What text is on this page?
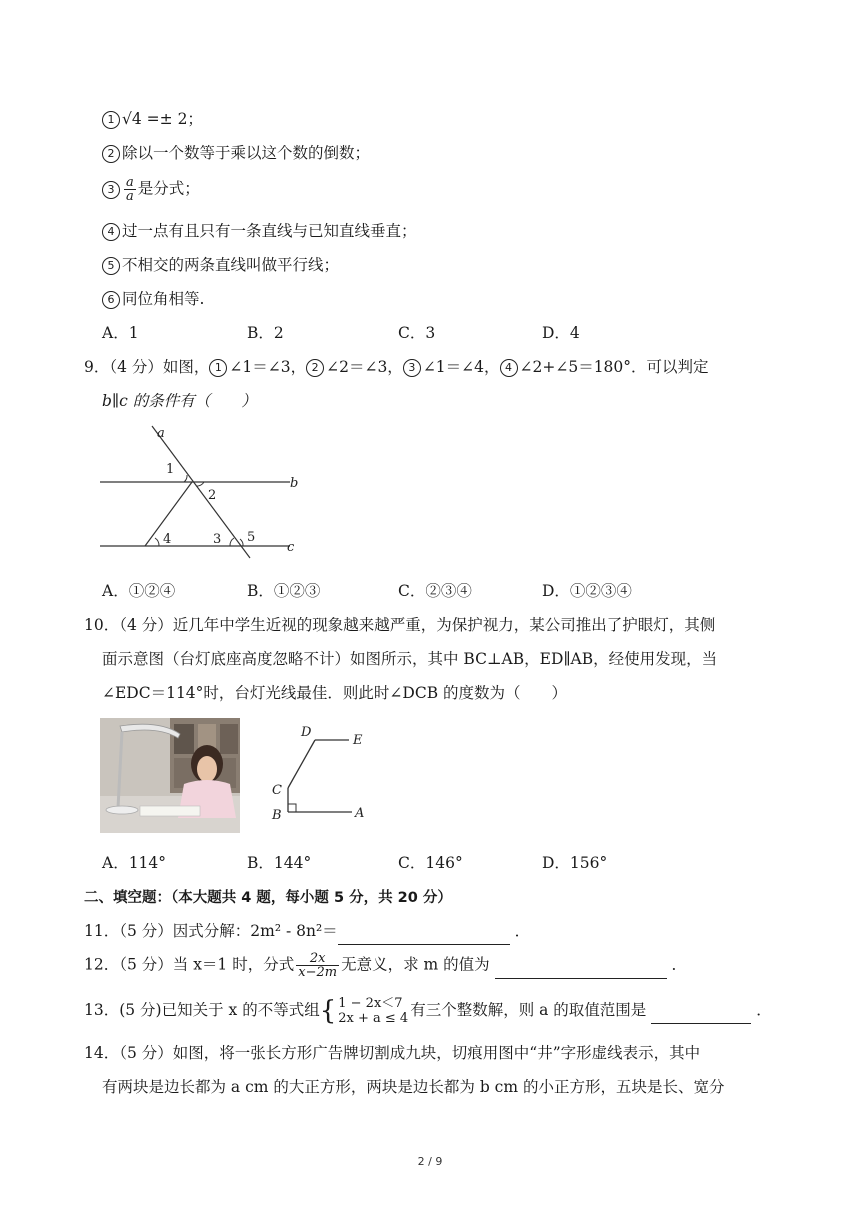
1 √4 =± 2；
2 除以一个数等于乘以这个数的倒数；
$3 \frac{a}{a}$ 是分式；
4 过一点有且只有一条直线与已知直线垂直；
5 不相交的两条直线叫做平行线；
6 同位角相等.
A．1	B．2	C．3	D．4
9．（4 分）如图， 1 ∠1＝∠3， 2 ∠2＝∠3， 3 ∠1＝∠4， 4 ∠2+∠5＝180°．可以判定
b∥c 的条件有（　　）
a
b
c
1
2
4	3 5
A．①②④	B．①②③	C．②③④	D．①②③④
10．（4 分）近几年中学生近视的现象越来越严重，为保护视力，某公司推出了护眼灯，其侧
面示意图（台灯底座高度忽略不计）如图所示，其中 BC⊥AB，ED∥AB，经使用发现，当
∠EDC＝114°时，台灯光线最佳．则此时∠DCB 的度数为（　　）
D
E
C
B	A
A．114°	B．144°	C．146°	D．156°
二、填空题：（本大题共 4 题，每小题 5 分，共 20 分）
11．（5 分）因式分解：2m² ‑ 8n²＝	．
12．（5 分）当 x＝1 时，分式 $\frac{2x}{x-2m}$ 无意义，求 m 的值为	．
13．(5 分)已知关于 x 的不等式组{ 1 − 2x＜7
2x + a ≤ 4 有三个整数解，则 a 的取值范围是	．
14．（5 分）如图，将一张长方形广告牌切割成九块，切痕用图中“井”字形虚线表示，其中
有两块是边长都为 a cm 的大正方形，两块是边长都为 b cm 的小正方形，五块是长、宽分
2 / 9
